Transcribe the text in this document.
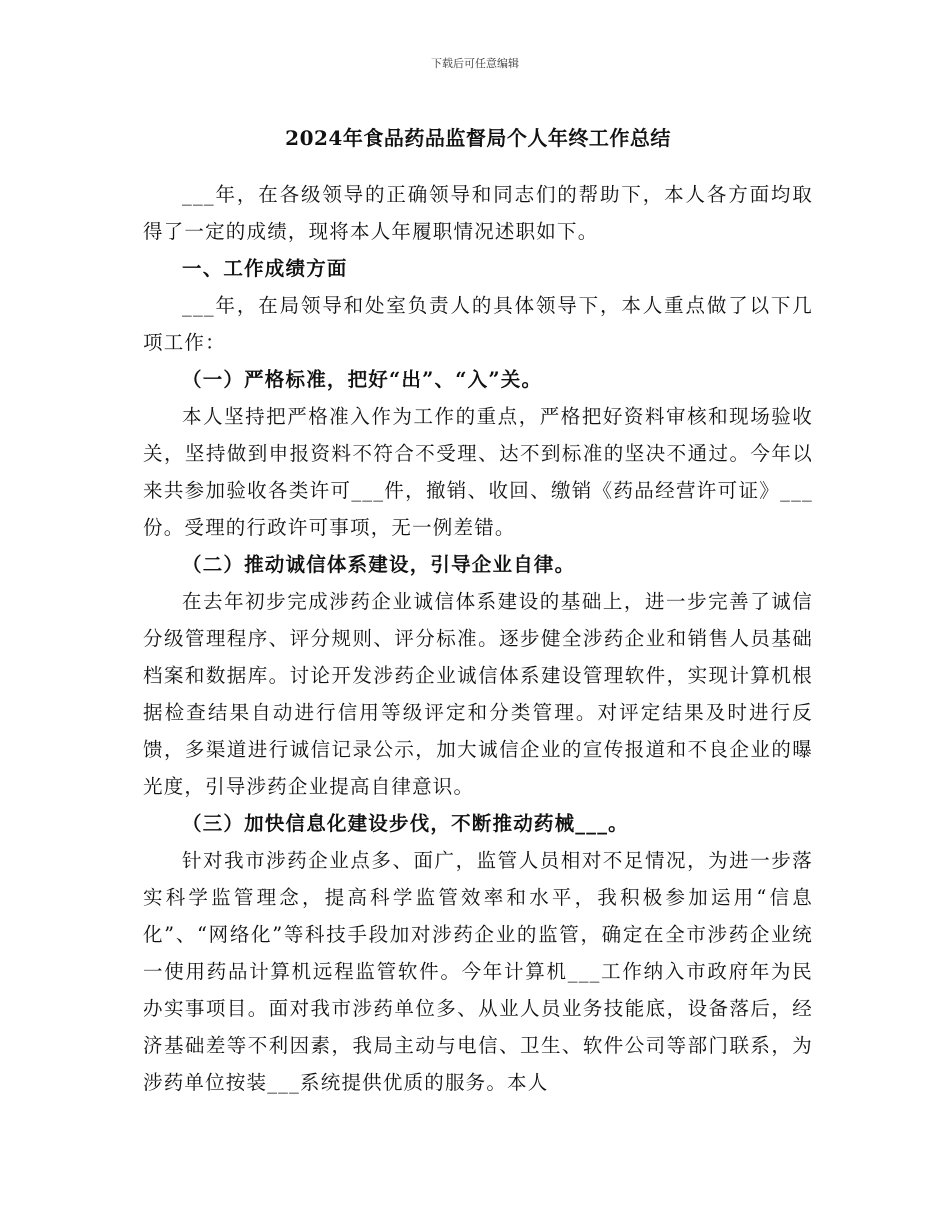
下载后可任意编辑
2024年食品药品监督局个人年终工作总结

___年，在各级领导的正确领导和同志们的帮助下，本人各方面均取得了一定的成绩，现将本人年履职情况述职如下。

一、工作成绩方面

___年，在局领导和处室负责人的具体领导下，本人重点做了以下几项工作：

（一）严格标准，把好“出”、“入”关。

本人坚持把严格准入作为工作的重点，严格把好资料审核和现场验收关，坚持做到申报资料不符合不受理、达不到标准的坚决不通过。今年以来共参加验收各类许可___件，撤销、收回、缴销《药品经营许可证》___份。受理的行政许可事项，无一例差错。

（二）推动诚信体系建设，引导企业自律。

在去年初步完成涉药企业诚信体系建设的基础上，进一步完善了诚信分级管理程序、评分规则、评分标准。逐步健全涉药企业和销售人员基础档案和数据库。讨论开发涉药企业诚信体系建设管理软件，实现计算机根据检查结果自动进行信用等级评定和分类管理。对评定结果及时进行反馈，多渠道进行诚信记录公示，加大诚信企业的宣传报道和不良企业的曝光度，引导涉药企业提高自律意识。

（三）加快信息化建设步伐，不断推动药械___。

针对我市涉药企业点多、面广，监管人员相对不足情况，为进一步落实科学监管理念，提高科学监管效率和水平，我积极参加运用“信息化”、“网络化”等科技手段加对涉药企业的监管，确定在全市涉药企业统一使用药品计算机远程监管软件。今年计算机___工作纳入市政府年为民办实事项目。面对我市涉药单位多、从业人员业务技能底，设备落后，经济基础差等不利因素，我局主动与电信、卫生、软件公司等部门联系，为涉药单位按装___系统提供优质的服务。本人
